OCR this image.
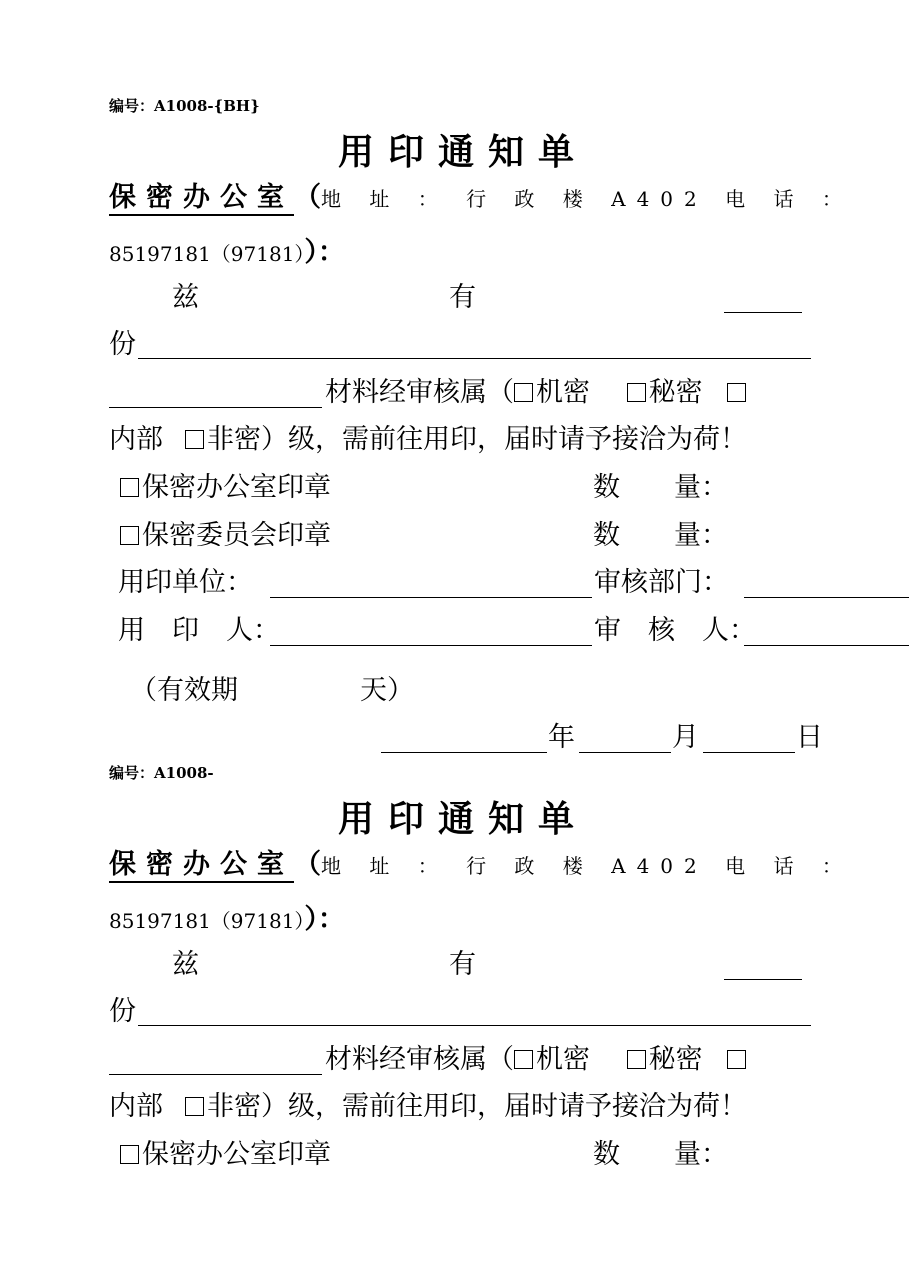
编号：A1008-{BH}
用印通知单
保密办公室（地 址 ： 行 政 楼 A402 电 话 ：
85197181（97181））：
兹	有
份
材料经审核属（ 机密 秘密
内部 非密）级，需前往用印，届时请予接洽为荷！
保密办公室印章	数　　量：
保密委员会印章	数　　量：
用印单位：	审核部门：
用　印　人：	审　核　人：
（有效期	天）
年	月	日
编号：A1008-
用印通知单
保密办公室（地 址 ： 行 政 楼 A402 电 话 ：
85197181（97181））：
兹	有
份
材料经审核属（ 机密 秘密
内部 非密）级，需前往用印，届时请予接洽为荷！
保密办公室印章	数　　量：
